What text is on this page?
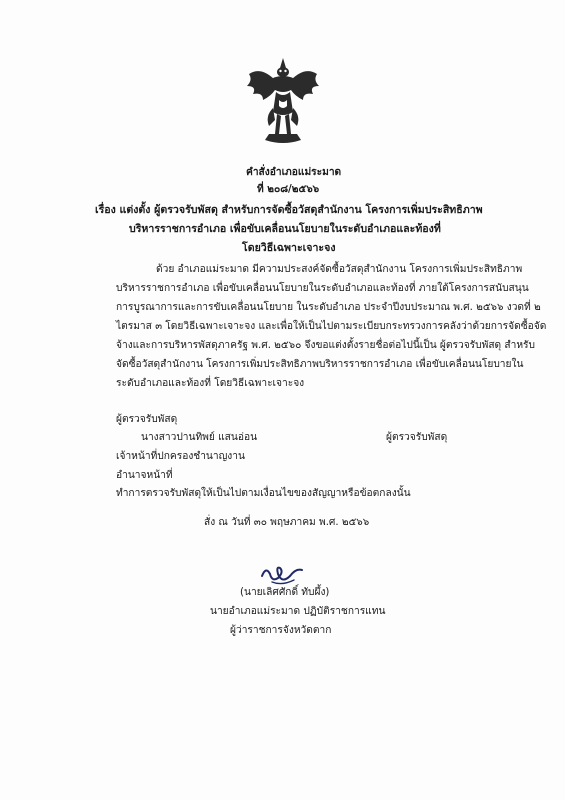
คำสั่งอำเภอแม่ระมาด
ที่ ๒๐๘/๒๕๖๖
เรื่อง แต่งตั้ง ผู้ตรวจรับพัสดุ สำหรับการจัดซื้อวัสดุสำนักงาน โครงการเพิ่มประสิทธิภาพ
บริหารราชการอำเภอ เพื่อขับเคลื่อนนโยบายในระดับอำเภอและท้องที่
โดยวิธีเฉพาะเจาะจง
ด้วย อำเภอแม่ระมาด มีความประสงค์จัดซื้อวัสดุสำนักงาน โครงการเพิ่มประสิทธิภาพ
บริหารราชการอำเภอ เพื่อขับเคลื่อนนโยบายในระดับอำเภอและท้องที่ ภายใต้โครงการสนับสนุน
การบูรณาการและการขับเคลื่อนนโยบาย ในระดับอำเภอ ประจำปีงบประมาณ พ.ศ. ๒๕๖๖ งวดที่ ๒
ไตรมาส ๓ โดยวิธีเฉพาะเจาะจง และเพื่อให้เป็นไปตามระเบียบกระทรวงการคลังว่าด้วยการจัดซื้อจัด
จ้างและการบริหารพัสดุภาครัฐ พ.ศ. ๒๕๖๐ จึงขอแต่งตั้งรายชื่อต่อไปนี้เป็น ผู้ตรวจรับพัสดุ สำหรับ
จัดซื้อวัสดุสำนักงาน โครงการเพิ่มประสิทธิภาพบริหารราชการอำเภอ เพื่อขับเคลื่อนนโยบายใน
ระดับอำเภอและท้องที่ โดยวิธีเฉพาะเจาะจง
ผู้ตรวจรับพัสดุ
นางสาวปานทิพย์ แสนอ่อน	ผู้ตรวจรับพัสดุ
เจ้าหน้าที่ปกครองชำนาญงาน
อำนาจหน้าที่
ทำการตรวจรับพัสดุให้เป็นไปตามเงื่อนไขของสัญญาหรือข้อตกลงนั้น
สั่ง ณ วันที่ ๓๐ พฤษภาคม พ.ศ. ๒๕๖๖
(นายเลิศศักดิ์ ทับผึ้ง)
นายอำเภอแม่ระมาด ปฏิบัติราชการแทน
ผู้ว่าราชการจังหวัดตาก
